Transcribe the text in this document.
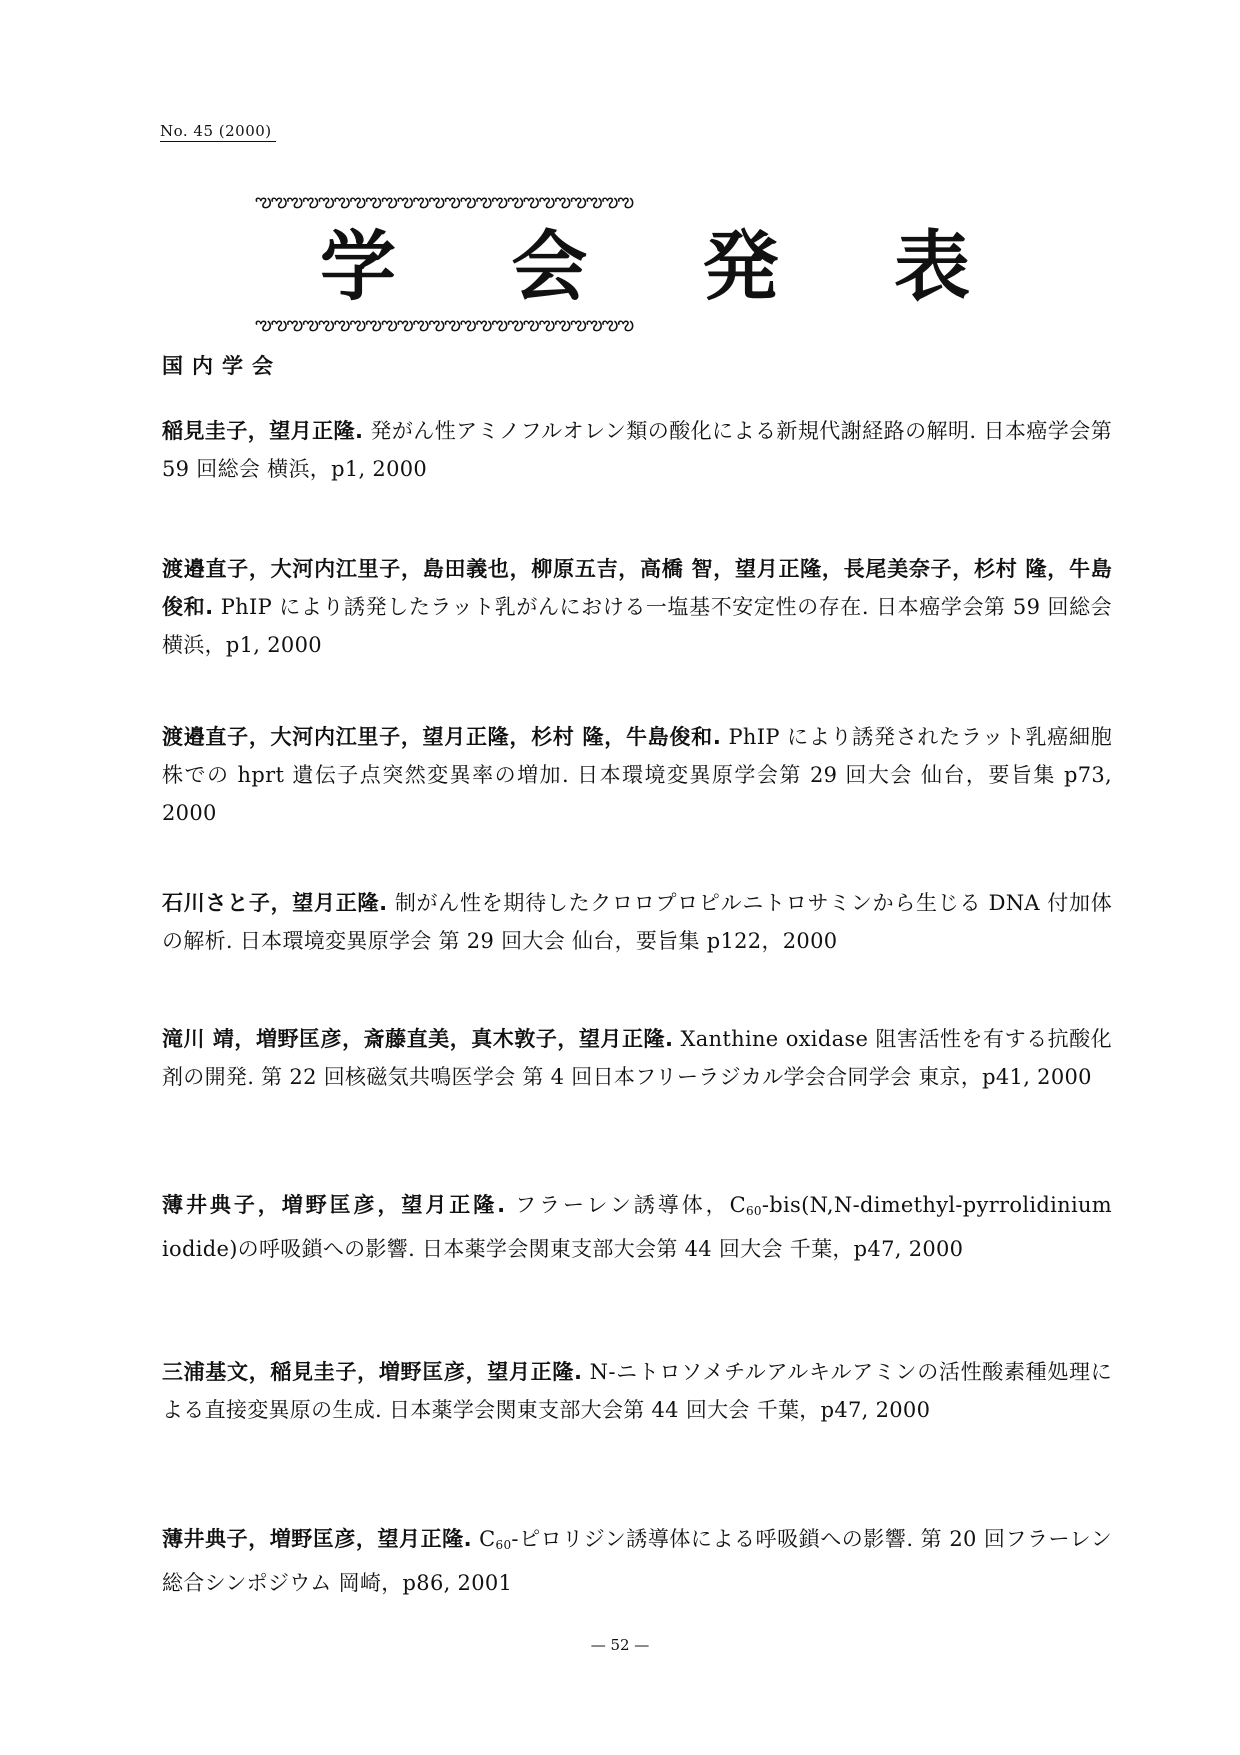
No. 45 (2000)
ఌఌఌఌఌఌఌఌఌఌఌఌఌఌఌఌఌఌఌఌఌఌఌఌ
学 会 発 表
ఌఌఌఌఌఌఌఌఌఌఌఌఌఌఌఌఌఌఌఌఌఌఌఌ
国内学会
稲見圭子，望月正隆. 発がん性アミノフルオレン類の酸化による新規代謝経路の解明. 日本癌学会第 59 回総会 横浜，p1, 2000
渡邉直子，大河内江里子，島田義也，柳原五吉，高橋 智，望月正隆，長尾美奈子，杉村 隆，牛島俊和. PhIP により誘発したラット乳がんにおける一塩基不安定性の存在. 日本癌学会第 59 回総会 横浜，p1, 2000
渡邉直子，大河内江里子，望月正隆，杉村 隆，牛島俊和. PhIP により誘発されたラット乳癌細胞株での hprt 遺伝子点突然変異率の増加. 日本環境変異原学会第 29 回大会 仙台，要旨集 p73, 2000
石川さと子，望月正隆. 制がん性を期待したクロロプロピルニトロサミンから生じる DNA 付加体の解析. 日本環境変異原学会 第 29 回大会 仙台，要旨集 p122，2000
滝川 靖，増野匡彦，斎藤直美，真木敦子，望月正隆. Xanthine oxidase 阻害活性を有する抗酸化剤の開発. 第 22 回核磁気共鳴医学会 第 4 回日本フリーラジカル学会合同学会 東京，p41, 2000
薄井典子，増野匡彦，望月正隆. フラーレン誘導体，$C_{60}-bis(N,N-dimethyl$-pyrrolidinium iodide)の呼吸鎖への影響. 日本薬学会関東支部大会第 44 回大会 千葉，p47, 2000
三浦基文，稲見圭子，増野匡彦，望月正隆. N-ニトロソメチルアルキルアミンの活性酸素種処理による直接変異原の生成. 日本薬学会関東支部大会第 44 回大会 千葉，p47, 2000
薄井典子，増野匡彦，望月正隆. $C_{60}-$ピロリジン誘導体による呼吸鎖への影響. 第 20 回フラーレン総合シンポジウム 岡崎，p86, 2001
— 52 —
